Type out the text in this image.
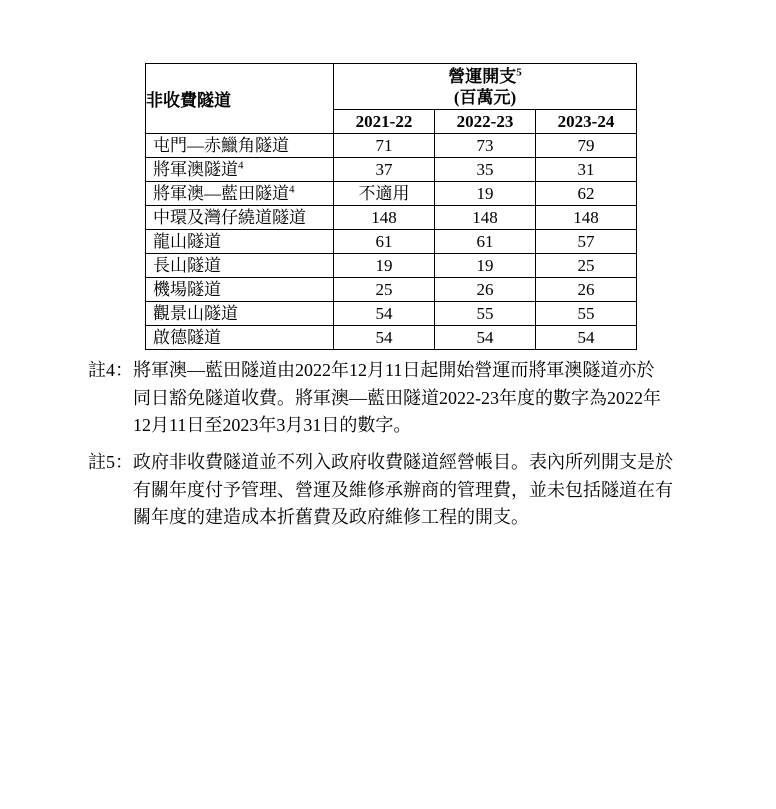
非收費隧道	營運開支$^5$
(百萬元)		

	2021-22	2022-23	2023-24
屯門—赤鱲角隧道	71	73	79
將軍澳隧道$^4$	37	35	31
將軍澳—藍田隧道$^4$	不適用	19	62
中環及灣仔繞道隧道	148	148	148
龍山隧道	61	61	57
長山隧道	19	19	25
機場隧道	25	26	26
觀景山隧道	54	55	55
啟德隧道	54	54	54
註4： 將軍澳—藍田隧道由2022年12月11日起開始營運而將軍澳隧道亦於
同日豁免隧道收費。將軍澳—藍田隧道2022-23年度的數字為2022年
12月11日至2023年3月31日的數字。
註5： 政府非收費隧道並不列入政府收費隧道經營帳目。表內所列開支是於
有關年度付予管理、營運及維修承辦商的管理費，並未包括隧道在有
關年度的建造成本折舊費及政府維修工程的開支。
